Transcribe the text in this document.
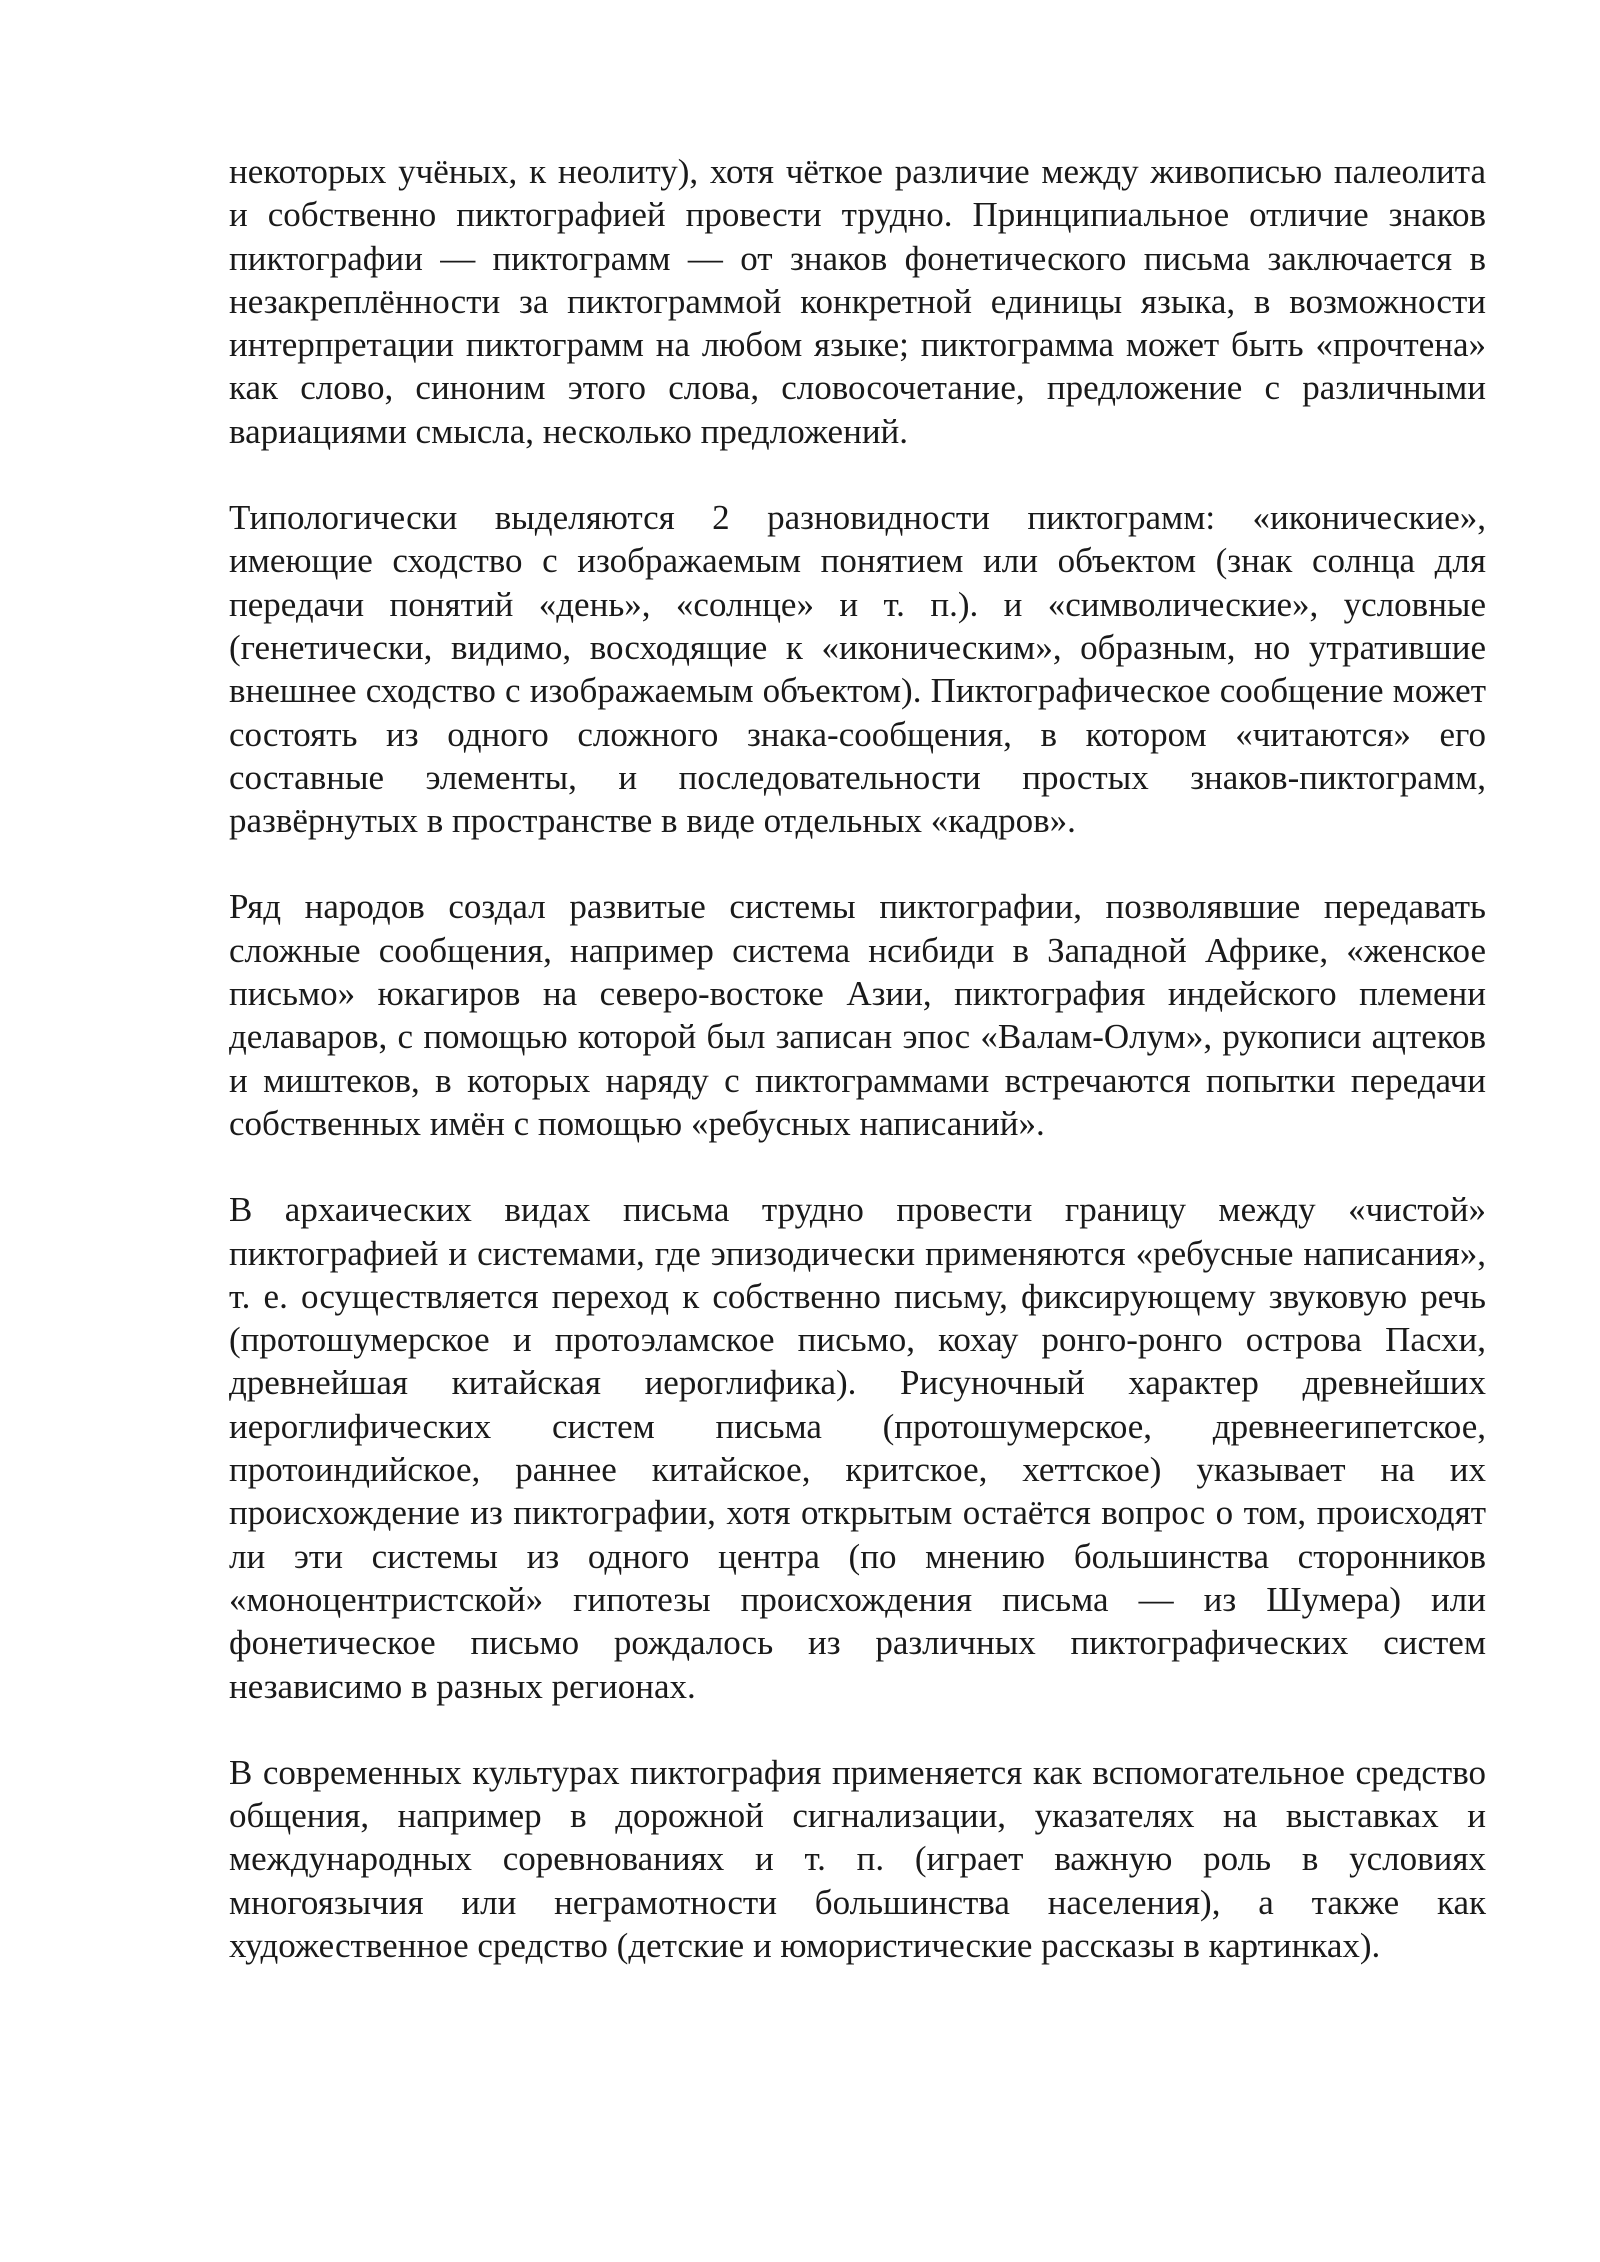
некоторых учёных, к неолиту), хотя чёткое различие между живописью палеолита и собственно пиктографией провести трудно. Принципиальное отличие знаков пиктографии — пиктограмм — от знаков фонетического письма заключается в незакреплённости за пиктограммой конкретной единицы языка, в возможности интерпретации пиктограмм на любом языке; пиктограмма может быть «прочтена» как слово, синоним этого слова, словосочетание, предложение с различными вариациями смысла, несколько предложений.

Типологически выделяются 2 разновидности пиктограмм: «иконические», имеющие сходство с изображаемым понятием или объектом (знак солнца для передачи понятий «день», «солнце» и т. п.). и «символические», условные (генетически, видимо, восходящие к «иконическим», образным, но утратившие внешнее сходство с изображаемым объектом). Пиктографическое сообщение может состоять из одного сложного знака-сообщения, в котором «читаются» его составные элементы, и последовательности простых знаков-пиктограмм, развёрнутых в пространстве в виде отдельных «кадров».

Ряд народов создал развитые системы пиктографии, позволявшие передавать сложные сообщения, например система нсибиди в Западной Африке, «женское письмо» юкагиров на северо-востоке Азии, пиктография индейского племени делаваров, с помощью которой был записан эпос «Валам-Олум», рукописи ацтеков и миштеков, в которых наряду с пиктограммами встречаются попытки передачи собственных имён с помощью «ребусных написаний».

В архаических видах письма трудно провести границу между «чистой» пиктографией и системами, где эпизодически применяются «ребусные написания», т. е. осуществляется переход к собственно письму, фиксирующему звуковую речь (протошумерское и протоэламское письмо, кохау ронго-ронго острова Пасхи, древнейшая китайская иероглифика). Рисуночный характер древнейших иероглифических систем письма (протошумерское, древнеегипетское, протоиндийское, раннее китайское, критское, хеттское) указывает на их происхождение из пиктографии, хотя открытым остаётся вопрос о том, происходят ли эти системы из одного центра (по мнению большинства сторонников «моноцентристской» гипотезы происхождения письма — из Шумера) или фонетическое письмо рождалось из различных пиктографических систем независимо в разных регионах.

В современных культурах пиктография применяется как вспомогательное средство общения, например в дорожной сигнализации, указателях на выставках и международных соревнованиях и т. п. (играет важную роль в условиях многоязычия или неграмотности большинства населения), а также как художественное средство (детские и юмористические рассказы в картинках).
